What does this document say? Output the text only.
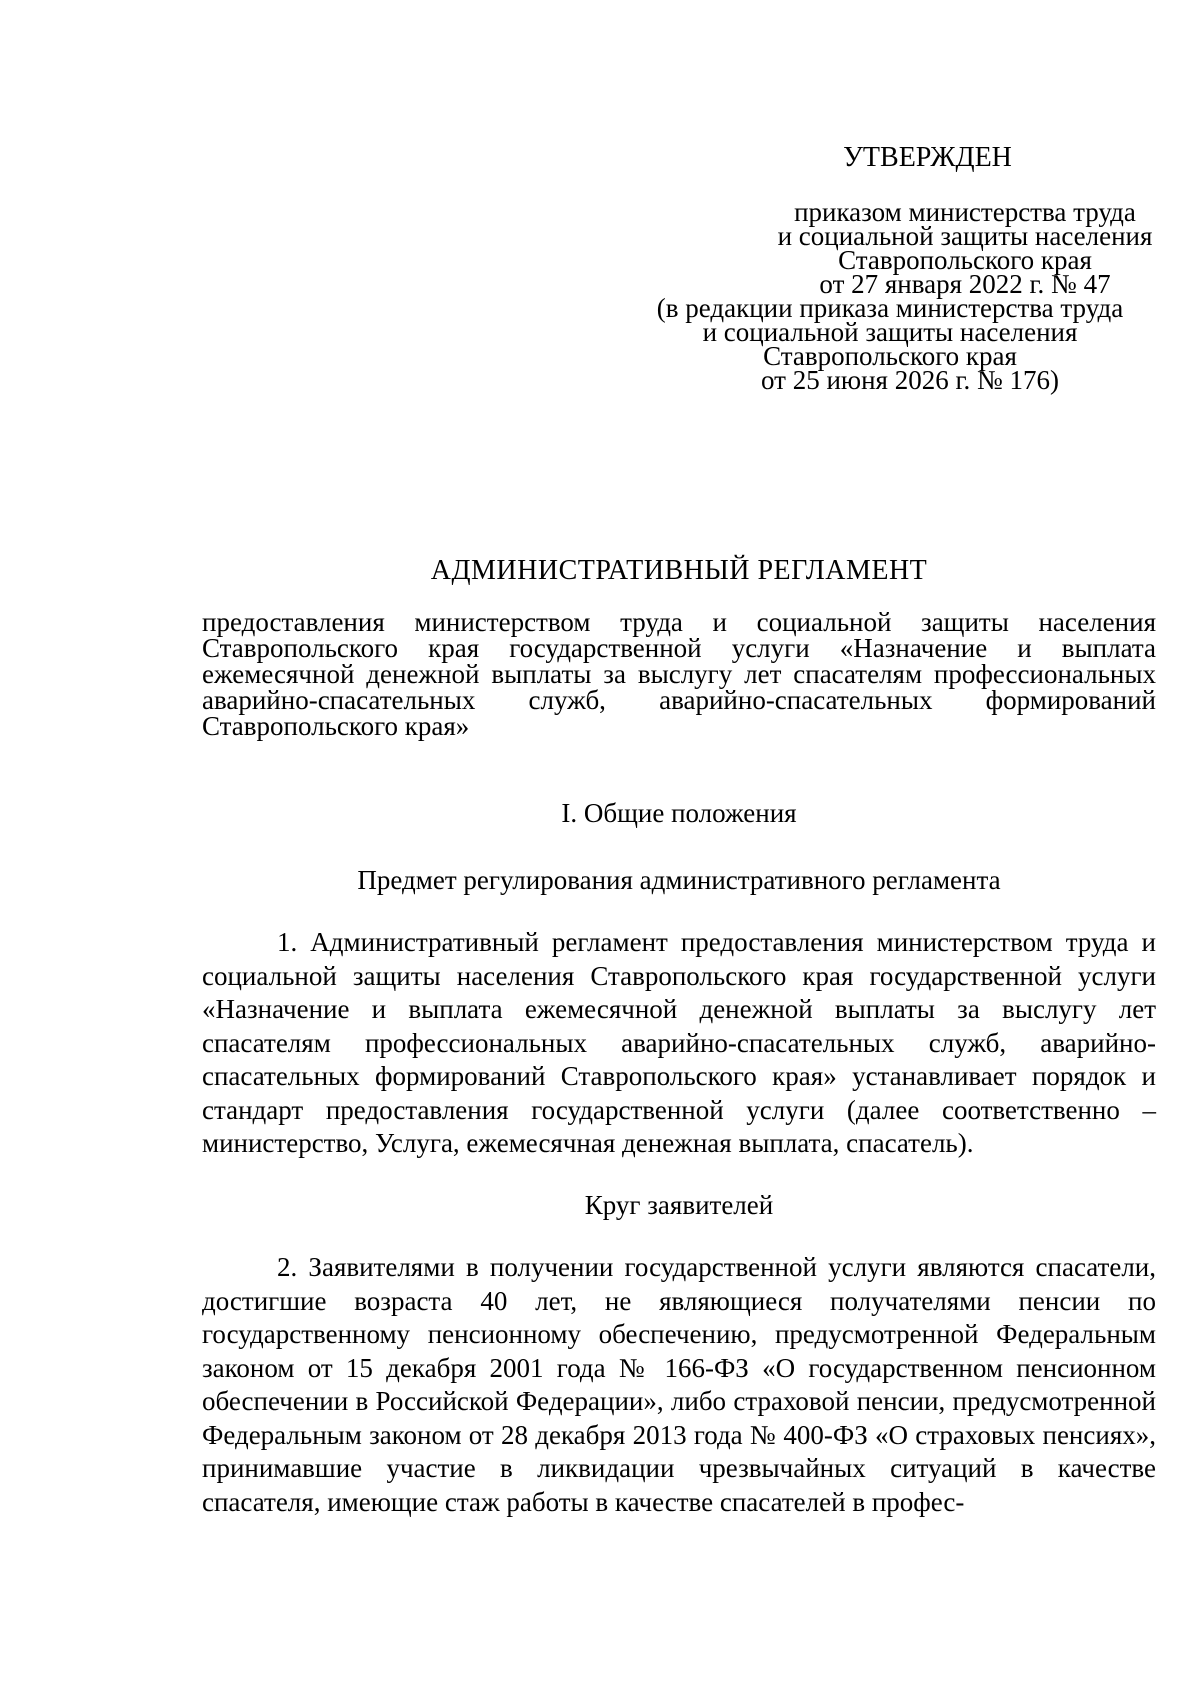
УТВЕРЖДЕН
приказом министерства труда
и социальной защиты населения
Ставропольского края
от 27 января 2022 г. № 47
(в редакции приказа министерства труда
и социальной защиты населения
Ставропольского края
от 25 июня 2026 г. № 176)
АДМИНИСТРАТИВНЫЙ РЕГЛАМЕНТ
предоставления министерством труда и социальной защиты населения Ставропольского края государственной услуги «Назначение и выплата ежемесячной денежной выплаты за выслугу лет спасателям профессиональных аварийно-спасательных служб, аварийно-спасательных формирований Ставропольского края»
I. Общие положения
Предмет регулирования административного регламента
1. Административный регламент предоставления министерством труда и социальной защиты населения Ставропольского края государственной услуги «Назначение и выплата ежемесячной денежной выплаты за выслугу лет спасателям профессиональных аварийно-спасательных служб, аварийно-спасательных формирований Ставропольского края» устанавливает порядок и стандарт предоставления государственной услуги (далее соответственно – министерство, Услуга, ежемесячная денежная выплата, спасатель).
Круг заявителей
2. Заявителями в получении государственной услуги являются спасатели, достигшие возраста 40 лет, не являющиеся получателями пенсии по государственному пенсионному обеспечению, предусмотренной Федеральным законом от 15 декабря 2001 года № 166-ФЗ «О государственном пенсионном обеспечении в Российской Федерации», либо страховой пенсии, предусмотренной Федеральным законом от 28 декабря 2013 года № 400-ФЗ «О страховых пенсиях», принимавшие участие в ликвидации чрезвычайных ситуаций в качестве спасателя, имеющие стаж работы в качестве спасателей в профес-
